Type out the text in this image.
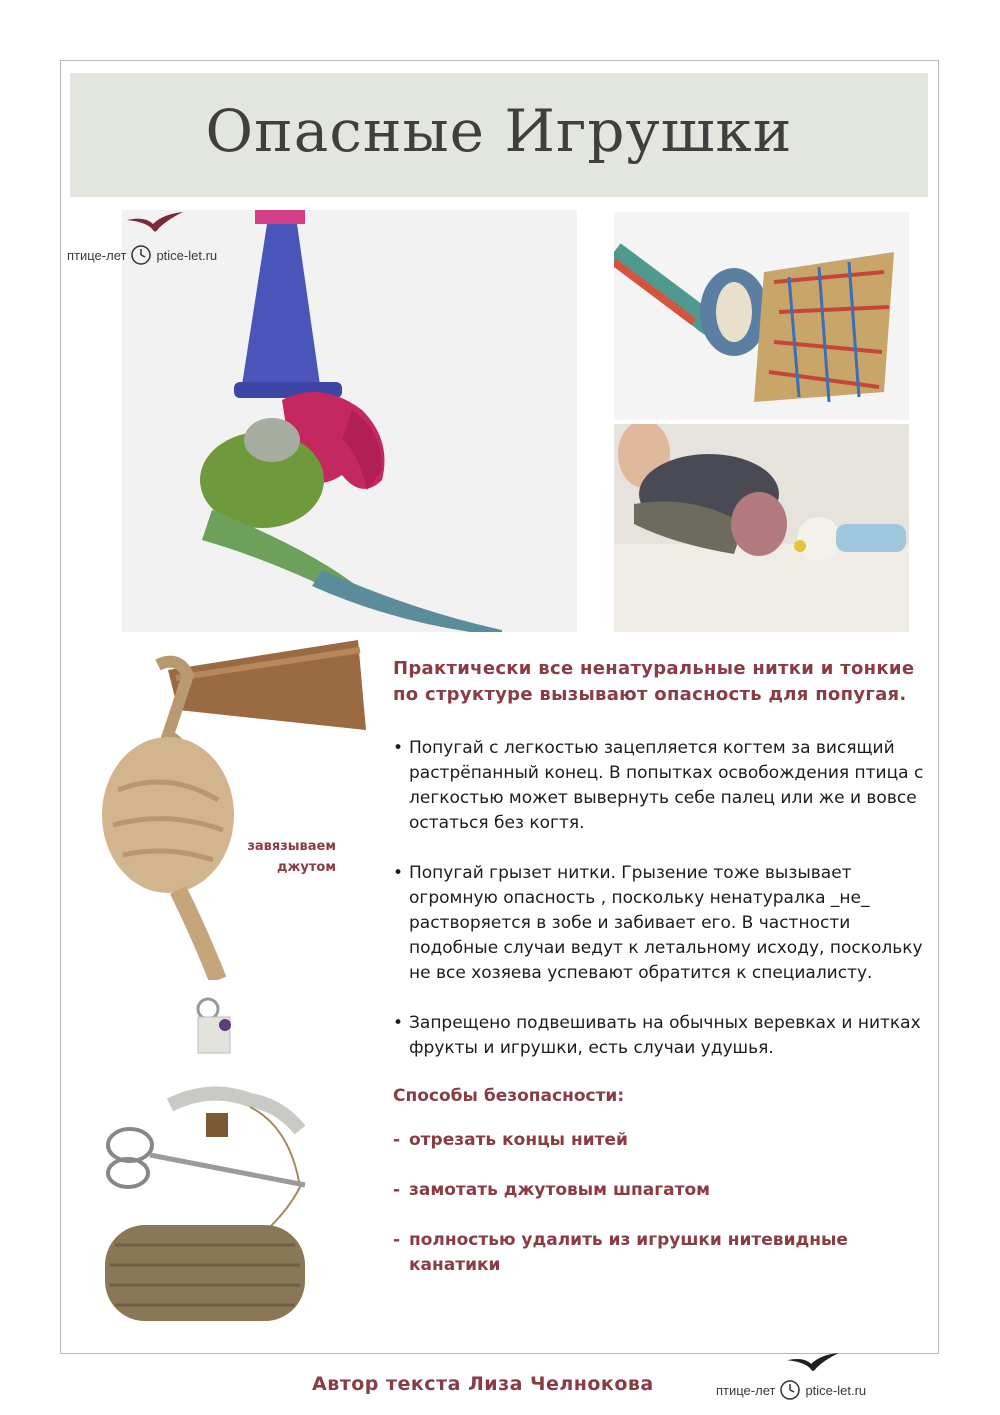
Опасные Игрушки
птице-лет ptice-let.ru
завязываем джутом

Практически все ненатуральные нитки и тонкие по структуре вызывают опасность для попугая.

• Попугай с легкостью зацепляется когтем за висящий растрёпанный конец. В попытках освобождения птица с легкостью может вывернуть себе палец или же и вовсе остаться без когтя.
• Попугай грызет нитки. Грызение тоже вызывает огромную опасность , поскольку ненатуралка _не_ растворяется в зобе и забивает его. В частности подобные случаи ведут к летальному исходу, поскольку не все хозяева успевают обратится к специалисту.
• Запрещено подвешивать на обычных веревках и нитках фрукты и игрушки, есть случаи удушья.

Способы безопасности:

- отрезать концы нитей
- замотать джутовым шпагатом
- полностью удалить из игрушки нитевидные канатики
Автор текста Лиза Челнокова	птице-лет ptice-let.ru
